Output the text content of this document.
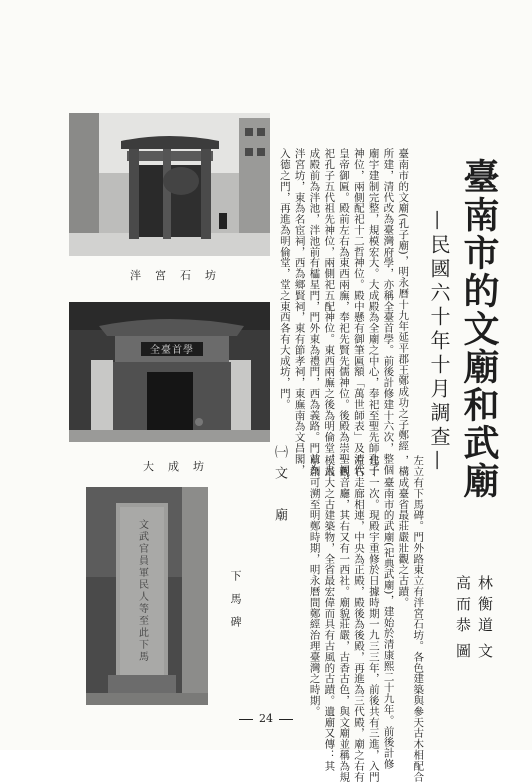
臺南市的文廟和武廟
—民國六十年十月調查—
林衡道
文
高而恭
圖

臺南市的文廟(孔子廟)，明永曆十九年延平郡王鄭成功之子鄭經
所建，清代改為臺灣府學，亦稱全臺首學。前後計修建十六次，整個
廟宇建制完整，規模宏大。大成殿為全廟之中心，奉祀至聖先師孔子
神位，兩側配祀十二哲神位。殿中懸有御筆匾額「萬世師表」及清代
皇帝御匾。殿前左右為東西兩廡，奉祀先賢先儒神位。後殿為崇聖祠，
祀孔子五代祖先神位，兩側祀五配神位。東西兩廡之後為明倫堂，大
成殿前為泮池，泮池前有櫺星門，門外東為禮門，西為義路。門前為
泮宮坊，東為名宦祠，西為鄉賢祠，東有節孝祠，東廡南為文昌閣，
入德之門，再進為明倫堂，堂之東西各有大成坊，門。

㈠文　廟	左立有下馬碑。門外路東立有泮宮石坊。各色建築與參天古木相配合
，構成臺省最莊嚴壯觀之古蹟。
　　臺南市的武廟(祀典武廟)，建始於清康熙二十九年。前後計修
建十一次。現殿宇重修於日據時期一九三三年，前後共有三進，入門
左右走廊相連，中央為正殿，殿後為後殿，再進為三代殿，廟之右有
一觀音廳，其右又有一西社。廟貌莊嚴，古香古色，與文廟並稱為規
模最大之古建築物，全省最宏偉而具有古風的古蹟。遺廟又傳：其
草創可溯至明鄭時期，明永曆間鄭經治理臺灣之時期。

泮宮石坊
全臺首學
大成坊
文武官員軍民人等至此下馬	下馬碑
24
